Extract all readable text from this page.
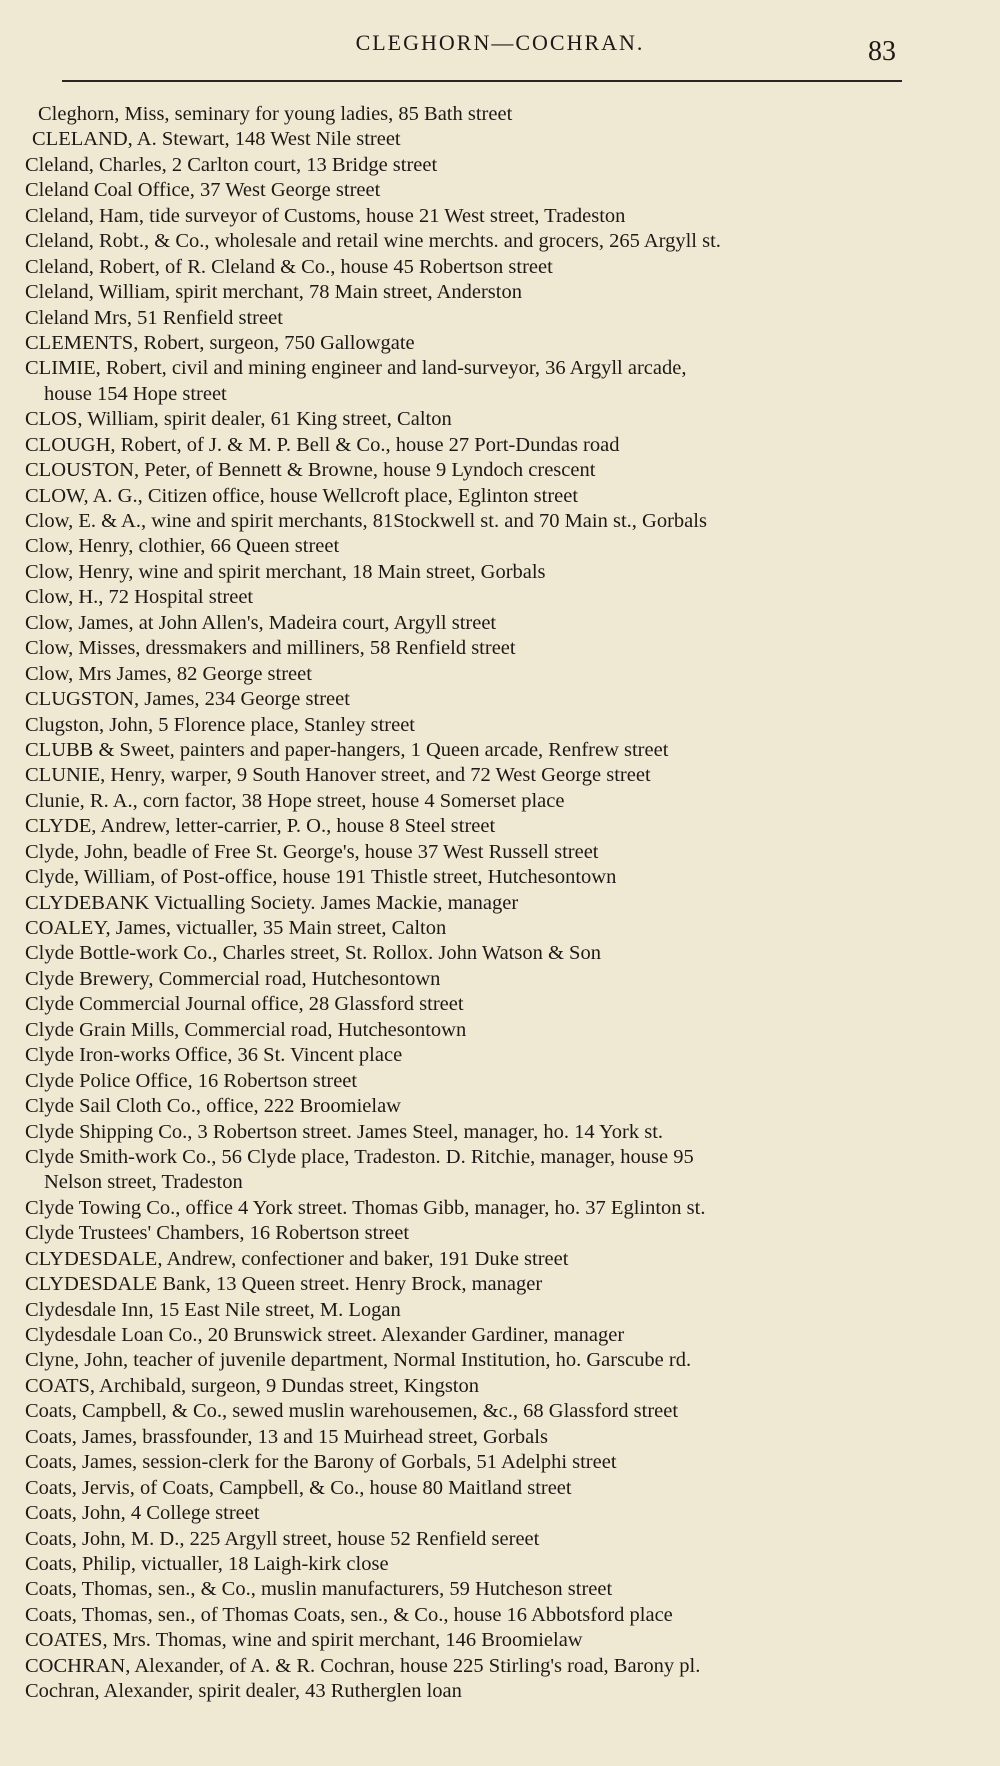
CLEGHORN—COCHRAN.	83
Cleghorn, Miss, seminary for young ladies, 85 Bath street
CLELAND, A. Stewart, 148 West Nile street
Cleland, Charles, 2 Carlton court, 13 Bridge street
Cleland Coal Office, 37 West George street
Cleland, Ham, tide surveyor of Customs, house 21 West street, Tradeston
Cleland, Robt., & Co., wholesale and retail wine merchts. and grocers, 265 Argyll st.
Cleland, Robert, of R. Cleland & Co., house 45 Robertson street
Cleland, William, spirit merchant, 78 Main street, Anderston
Cleland Mrs, 51 Renfield street
CLEMENTS, Robert, surgeon, 750 Gallowgate
CLIMIE, Robert, civil and mining engineer and land-surveyor, 36 Argyll arcade,
house 154 Hope street
CLOS, William, spirit dealer, 61 King street, Calton
CLOUGH, Robert, of J. & M. P. Bell & Co., house 27 Port-Dundas road
CLOUSTON, Peter, of Bennett & Browne, house 9 Lyndoch crescent
CLOW, A. G., Citizen office, house Wellcroft place, Eglinton street
Clow, E. & A., wine and spirit merchants, 81Stockwell st. and 70 Main st., Gorbals
Clow, Henry, clothier, 66 Queen street
Clow, Henry, wine and spirit merchant, 18 Main street, Gorbals
Clow, H., 72 Hospital street
Clow, James, at John Allen's, Madeira court, Argyll street
Clow, Misses, dressmakers and milliners, 58 Renfield street
Clow, Mrs James, 82 George street
CLUGSTON, James, 234 George street
Clugston, John, 5 Florence place, Stanley street
CLUBB & Sweet, painters and paper-hangers, 1 Queen arcade, Renfrew street
CLUNIE, Henry, warper, 9 South Hanover street, and 72 West George street
Clunie, R. A., corn factor, 38 Hope street, house 4 Somerset place
CLYDE, Andrew, letter-carrier, P. O., house 8 Steel street
Clyde, John, beadle of Free St. George's, house 37 West Russell street
Clyde, William, of Post-office, house 191 Thistle street, Hutchesontown
CLYDEBANK Victualling Society. James Mackie, manager
COALEY, James, victualler, 35 Main street, Calton
Clyde Bottle-work Co., Charles street, St. Rollox. John Watson & Son
Clyde Brewery, Commercial road, Hutchesontown
Clyde Commercial Journal office, 28 Glassford street
Clyde Grain Mills, Commercial road, Hutchesontown
Clyde Iron-works Office, 36 St. Vincent place
Clyde Police Office, 16 Robertson street
Clyde Sail Cloth Co., office, 222 Broomielaw
Clyde Shipping Co., 3 Robertson street. James Steel, manager, ho. 14 York st.
Clyde Smith-work Co., 56 Clyde place, Tradeston. D. Ritchie, manager, house 95
Nelson street, Tradeston
Clyde Towing Co., office 4 York street. Thomas Gibb, manager, ho. 37 Eglinton st.
Clyde Trustees' Chambers, 16 Robertson street
CLYDESDALE, Andrew, confectioner and baker, 191 Duke street
CLYDESDALE Bank, 13 Queen street. Henry Brock, manager
Clydesdale Inn, 15 East Nile street, M. Logan
Clydesdale Loan Co., 20 Brunswick street. Alexander Gardiner, manager
Clyne, John, teacher of juvenile department, Normal Institution, ho. Garscube rd.
COATS, Archibald, surgeon, 9 Dundas street, Kingston
Coats, Campbell, & Co., sewed muslin warehousemen, &c., 68 Glassford street
Coats, James, brassfounder, 13 and 15 Muirhead street, Gorbals
Coats, James, session-clerk for the Barony of Gorbals, 51 Adelphi street
Coats, Jervis, of Coats, Campbell, & Co., house 80 Maitland street
Coats, John, 4 College street
Coats, John, M. D., 225 Argyll street, house 52 Renfield sereet
Coats, Philip, victualler, 18 Laigh-kirk close
Coats, Thomas, sen., & Co., muslin manufacturers, 59 Hutcheson street
Coats, Thomas, sen., of Thomas Coats, sen., & Co., house 16 Abbotsford place
COATES, Mrs. Thomas, wine and spirit merchant, 146 Broomielaw
COCHRAN, Alexander, of A. & R. Cochran, house 225 Stirling's road, Barony pl.
Cochran, Alexander, spirit dealer, 43 Rutherglen loan
